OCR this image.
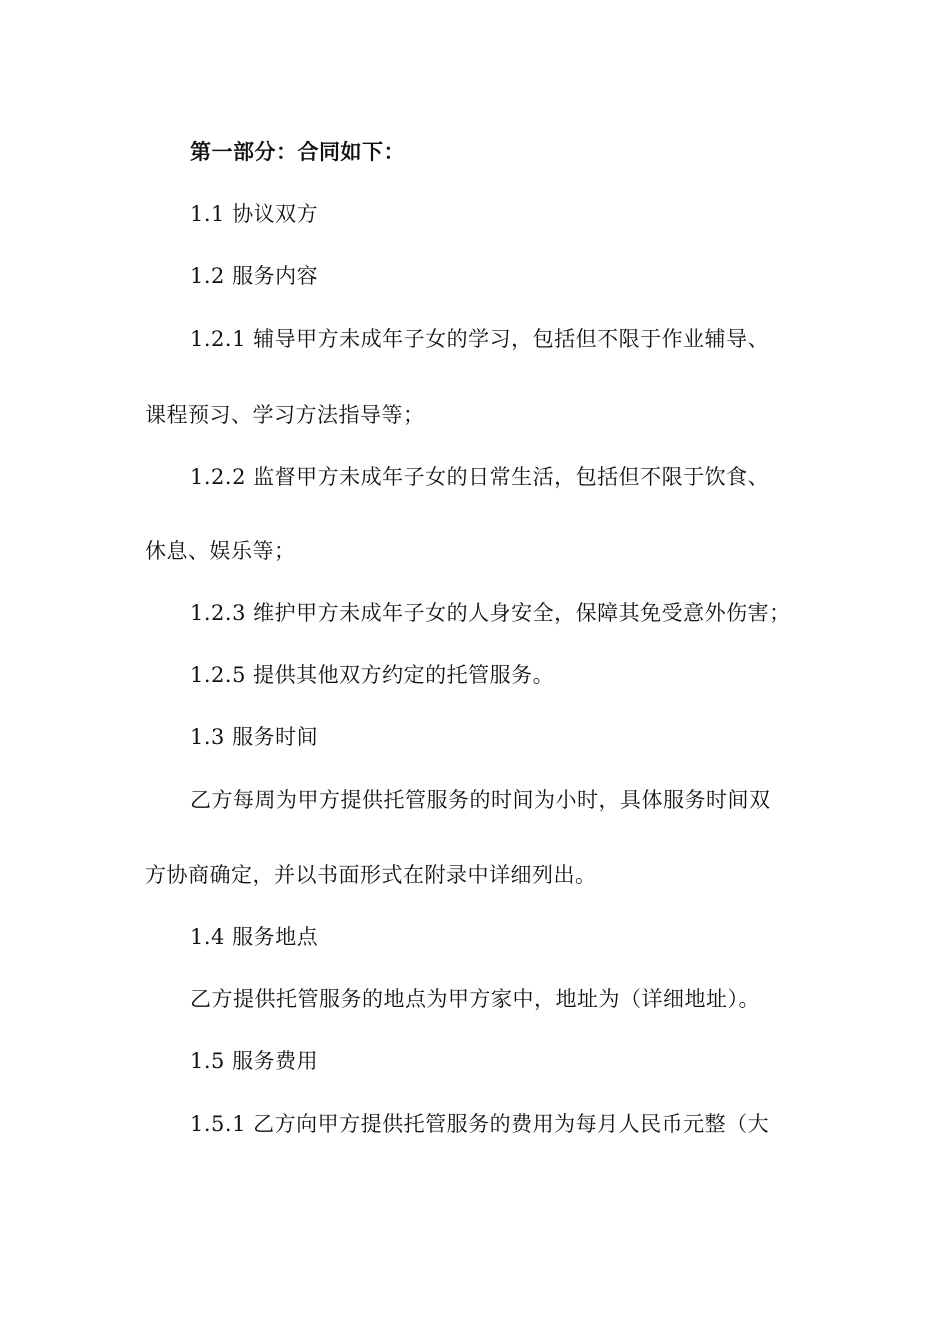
第一部分：合同如下：
1.1 协议双方
1.2 服务内容
1.2.1 辅导甲方未成年子女的学习，包括但不限于作业辅导、
课程预习、学习方法指导等；
1.2.2 监督甲方未成年子女的日常生活，包括但不限于饮食、
休息、娱乐等；
1.2.3 维护甲方未成年子女的人身安全，保障其免受意外伤害；
1.2.5 提供其他双方约定的托管服务。
1.3 服务时间
乙方每周为甲方提供托管服务的时间为小时，具体服务时间双
方协商确定，并以书面形式在附录中详细列出。
1.4 服务地点
乙方提供托管服务的地点为甲方家中，地址为（详细地址）。
1.5 服务费用
1.5.1 乙方向甲方提供托管服务的费用为每月人民币元整（大
